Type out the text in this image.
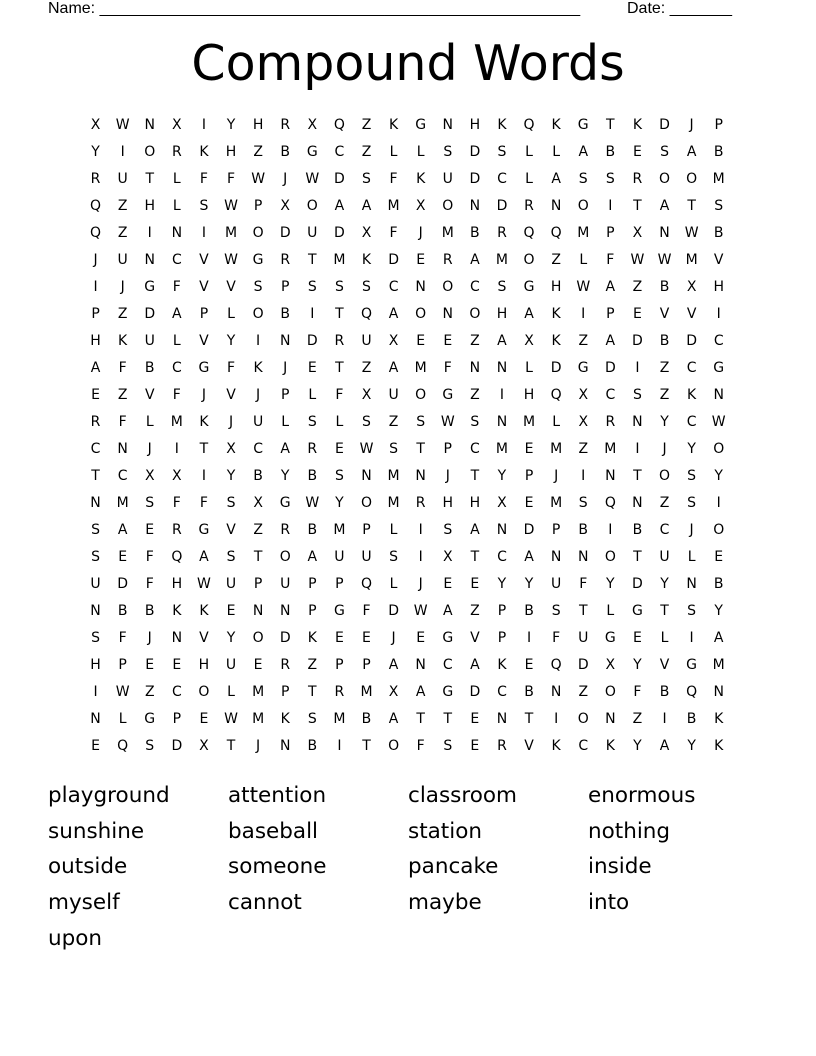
Name: ______________________________________________________	Date: _______
Compound Words
X	W	N	X	I	Y	H	R	X	Q	Z	K	G	N	H	K	Q	K	G	T	K	D	J	P
Y	I	O	R	K	H	Z	B	G	C	Z	L	L	S	D	S	L	L	A	B	E	S	A	B
R	U	T	L	F	F	W	J	W	D	S	F	K	U	D	C	L	A	S	S	R	O	O	M
Q	Z	H	L	S	W	P	X	O	A	A	M	X	O	N	D	R	N	O	I	T	A	T	S
Q	Z	I	N	I	M	O	D	U	D	X	F	J	M	B	R	Q	Q	M	P	X	N	W	B
J	U	N	C	V	W	G	R	T	M	K	D	E	R	A	M	O	Z	L	F	W W	M	V
I	J	G	F	V	V	S	P	S	S	S	C	N	O	C	S	G	H	W	A	Z	B	X	H
P	Z	D	A	P	L	O	B	I	T	Q	A	O	N	O	H	A	K	I	P	E	V	V	I
H	K	U	L	V	Y	I	N	D	R	U	X	E	E	Z	A	X	K	Z	A	D	B	D	C
A	F	B	C	G	F	K	J	E	T	Z	A	M	F	N	N	L	D	G	D	I	Z	C	G
E	Z	V	F	J	V	J	P	L	F	X	U	O	G	Z	I	H	Q	X	C	S	Z	K	N
R	F	L	M	K	J	U	L	S	L	S	Z	S	W	S	N	M	L	X	R	N	Y	C	W
C	N	J	I	T	X	C	A	R	E	W	S	T	P	C	M	E	M	Z	M	I	J	Y	O
T	C	X	X	I	Y	B	Y	B	S	N	M	N	J	T	Y	P	J	I	N	T	O	S	Y
N	M	S	F	F	S	X	G	W	Y	O	M	R	H	H	X	E	M	S	Q	N	Z	S	I
S	A	E	R	G	V	Z	R	B	M	P	L	I	S	A	N	D	P	B	I	B	C	J	O
S	E	F	Q	A	S	T	O	A	U	U	S	I	X	T	C	A	N	N	O	T	U	L	E
U	D	F	H	W	U	P	U	P	P	Q	L	J	E	E	Y	Y	U	F	Y	D	Y	N	B
N	B	B	K	K	E	N	N	P	G	F	D	W	A	Z	P	B	S	T	L	G	T	S	Y
S	F	J	N	V	Y	O	D	K	E	E	J	E	G	V	P	I	F	U	G	E	L	I	A
H	P	E	E	H	U	E	R	Z	P	P	A	N	C	A	K	E	Q	D	X	Y	V	G	M
I	W	Z	C	O	L	M	P	T	R	M	X	A	G	D	C	B	N	Z	O	F	B	Q	N
N	L	G	P	E	W	M	K	S	M	B	A	T	T	E	N	T	I	O	N	Z	I	B	K
E	Q	S	D	X	T	J	N	B	I	T	O	F	S	E	R	V	K	C	K	Y	A	Y	K
playground	attention	classroom	enormous
sunshine	baseball	station	nothing
outside	someone	pancake	inside
myself	cannot	maybe	into
upon
